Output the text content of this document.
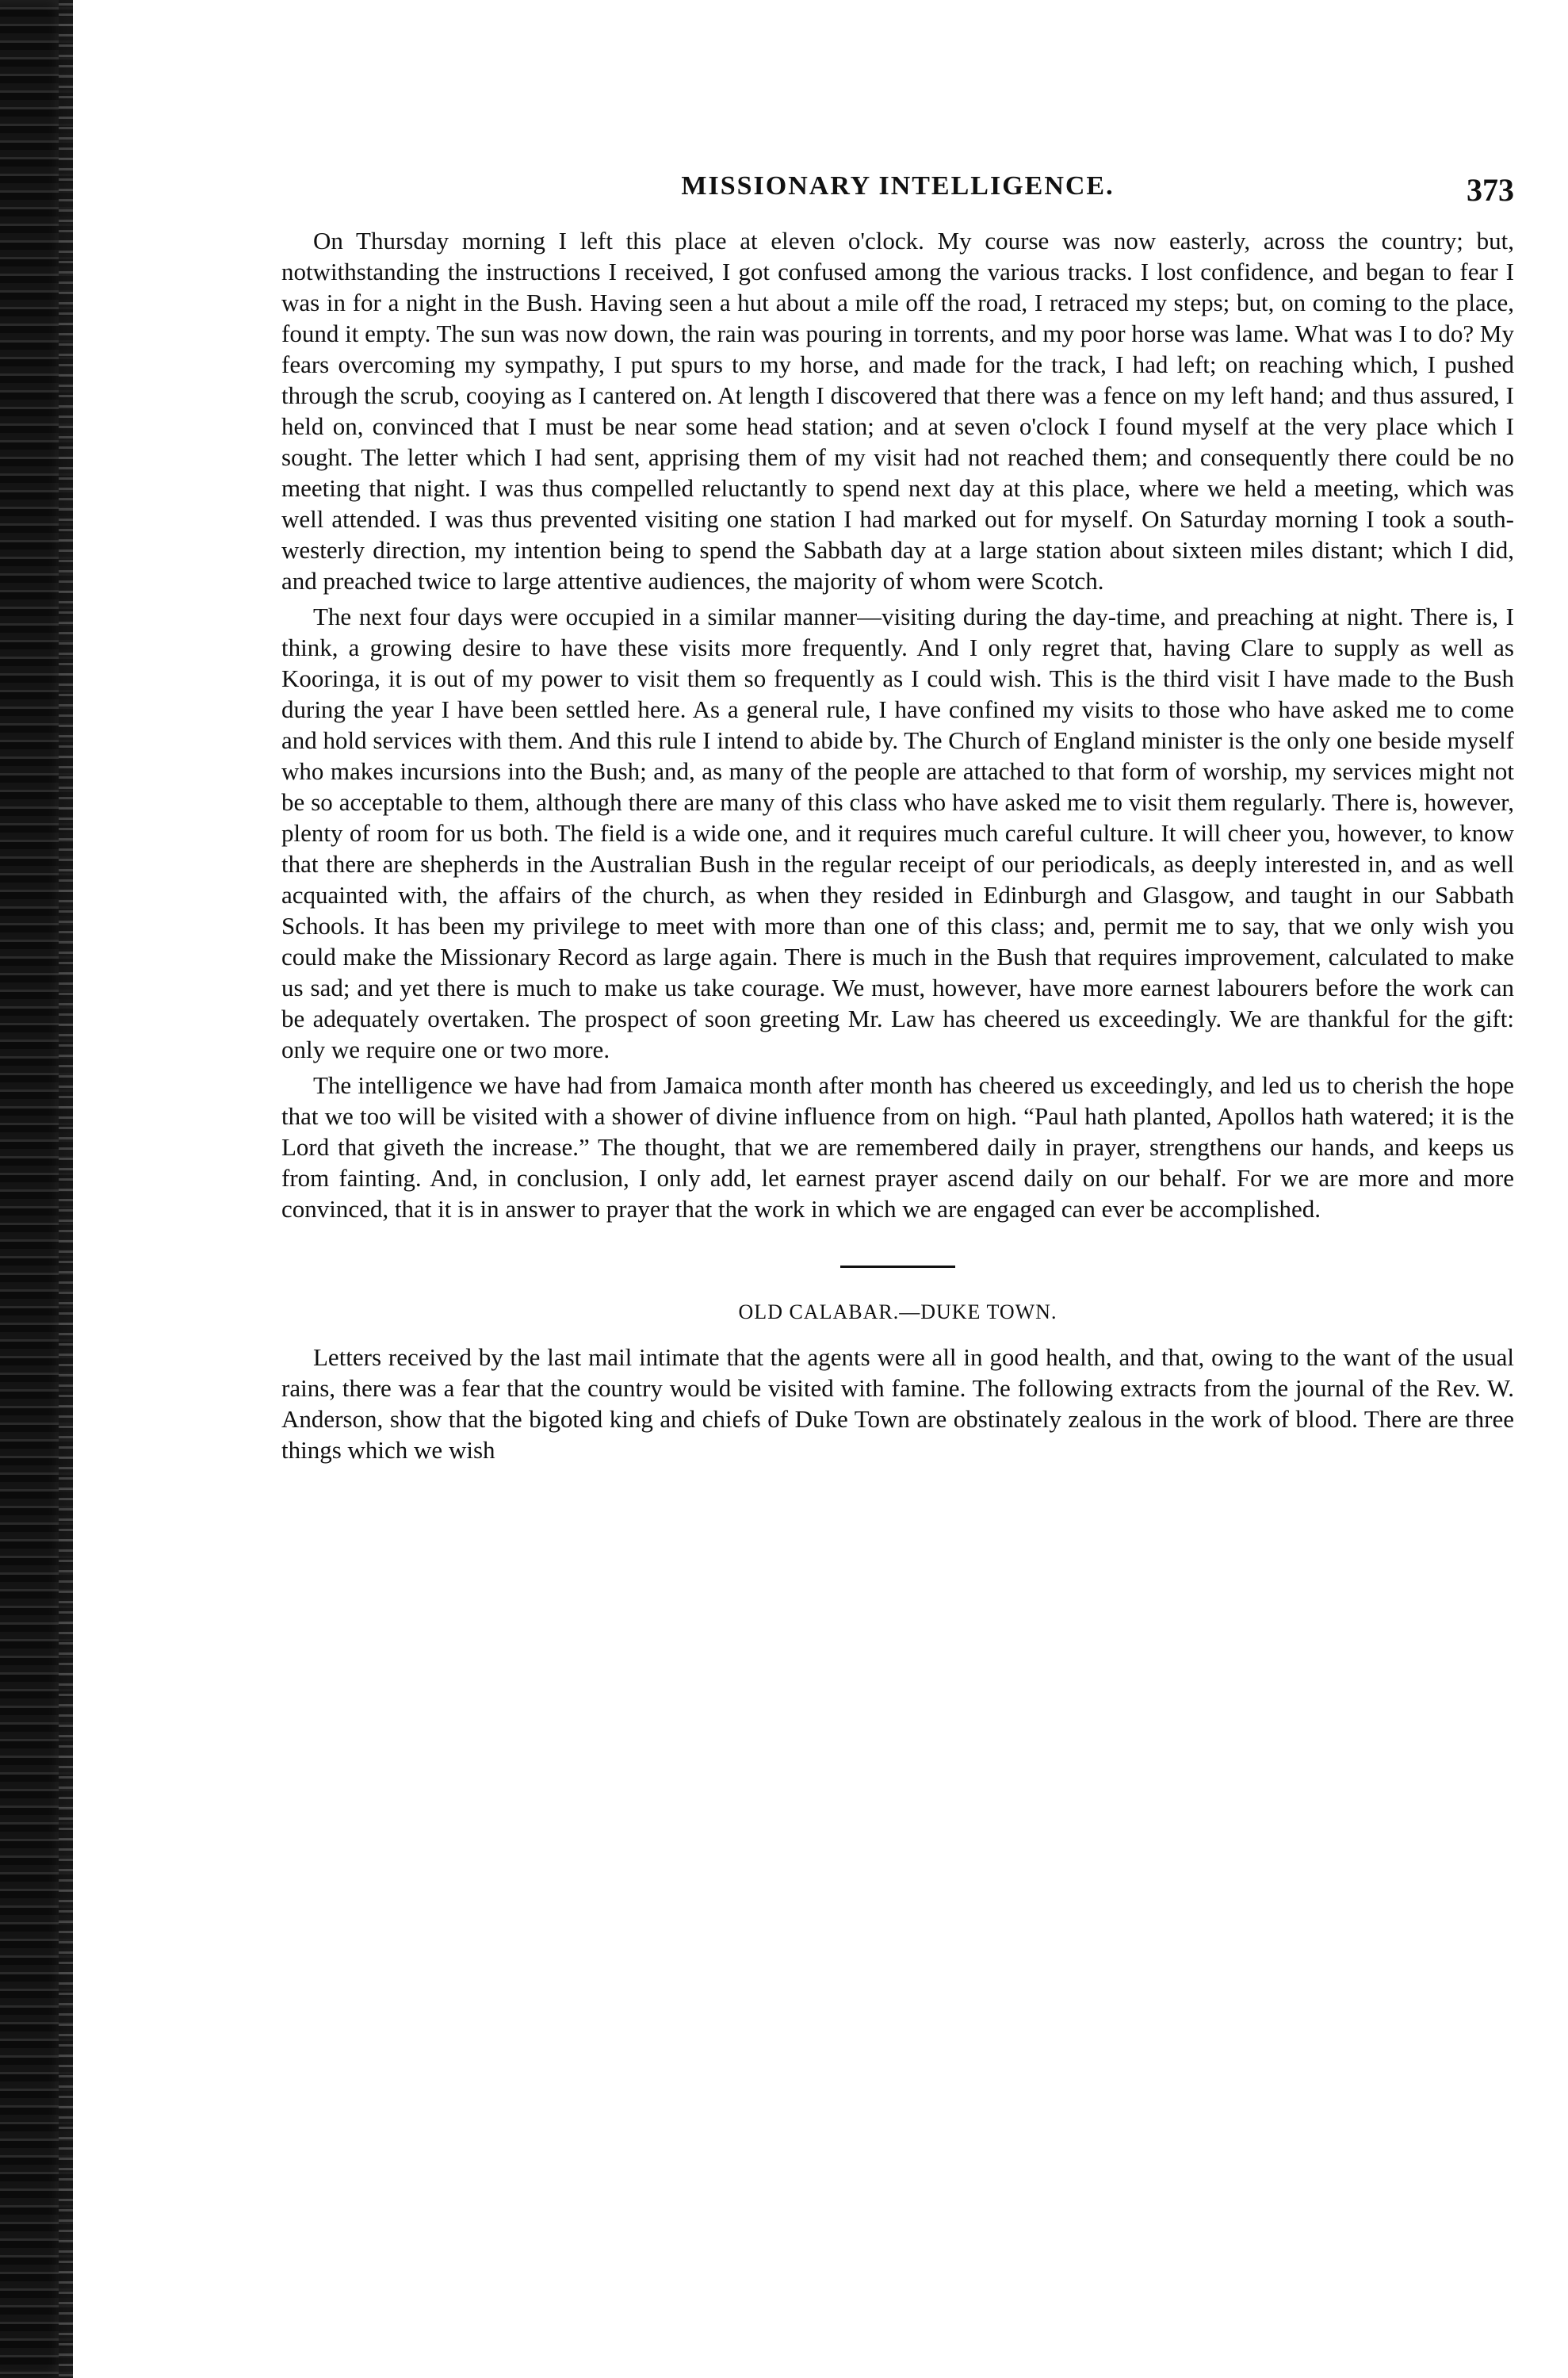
MISSIONARY INTELLIGENCE.	373

On Thursday morning I left this place at eleven o'clock. My course was now easterly, across the country; but, notwithstanding the instructions I received, I got confused among the various tracks. I lost confidence, and began to fear I was in for a night in the Bush. Having seen a hut about a mile off the road, I retraced my steps; but, on coming to the place, found it empty. The sun was now down, the rain was pouring in torrents, and my poor horse was lame. What was I to do? My fears overcoming my sympathy, I put spurs to my horse, and made for the track, I had left; on reaching which, I pushed through the scrub, cooying as I cantered on. At length I discovered that there was a fence on my left hand; and thus assured, I held on, convinced that I must be near some head station; and at seven o'clock I found myself at the very place which I sought. The letter which I had sent, apprising them of my visit had not reached them; and consequently there could be no meeting that night. I was thus compelled reluctantly to spend next day at this place, where we held a meeting, which was well attended. I was thus prevented visiting one station I had marked out for myself. On Saturday morning I took a south-westerly direction, my intention being to spend the Sabbath day at a large station about sixteen miles distant; which I did, and preached twice to large attentive audiences, the majority of whom were Scotch.

The next four days were occupied in a similar manner—visiting during the day-time, and preaching at night. There is, I think, a growing desire to have these visits more frequently. And I only regret that, having Clare to supply as well as Kooringa, it is out of my power to visit them so frequently as I could wish. This is the third visit I have made to the Bush during the year I have been settled here. As a general rule, I have confined my visits to those who have asked me to come and hold services with them. And this rule I intend to abide by. The Church of England minister is the only one beside myself who makes incursions into the Bush; and, as many of the people are attached to that form of worship, my services might not be so acceptable to them, although there are many of this class who have asked me to visit them regularly. There is, however, plenty of room for us both. The field is a wide one, and it requires much careful culture. It will cheer you, however, to know that there are shepherds in the Australian Bush in the regular receipt of our periodicals, as deeply interested in, and as well acquainted with, the affairs of the church, as when they resided in Edinburgh and Glasgow, and taught in our Sabbath Schools. It has been my privilege to meet with more than one of this class; and, permit me to say, that we only wish you could make the Missionary Record as large again. There is much in the Bush that requires improvement, calculated to make us sad; and yet there is much to make us take courage. We must, however, have more earnest labourers before the work can be adequately overtaken. The prospect of soon greeting Mr. Law has cheered us exceedingly. We are thankful for the gift: only we require one or two more.

The intelligence we have had from Jamaica month after month has cheered us exceedingly, and led us to cherish the hope that we too will be visited with a shower of divine influence from on high. “Paul hath planted, Apollos hath watered; it is the Lord that giveth the increase.” The thought, that we are remembered daily in prayer, strengthens our hands, and keeps us from fainting. And, in conclusion, I only add, let earnest prayer ascend daily on our behalf. For we are more and more convinced, that it is in answer to prayer that the work in which we are engaged can ever be accomplished.

OLD CALABAR.—DUKE TOWN.

Letters received by the last mail intimate that the agents were all in good health, and that, owing to the want of the usual rains, there was a fear that the country would be visited with famine. The following extracts from the journal of the Rev. W. Anderson, show that the bigoted king and chiefs of Duke Town are obstinately zealous in the work of blood. There are three things which we wish
